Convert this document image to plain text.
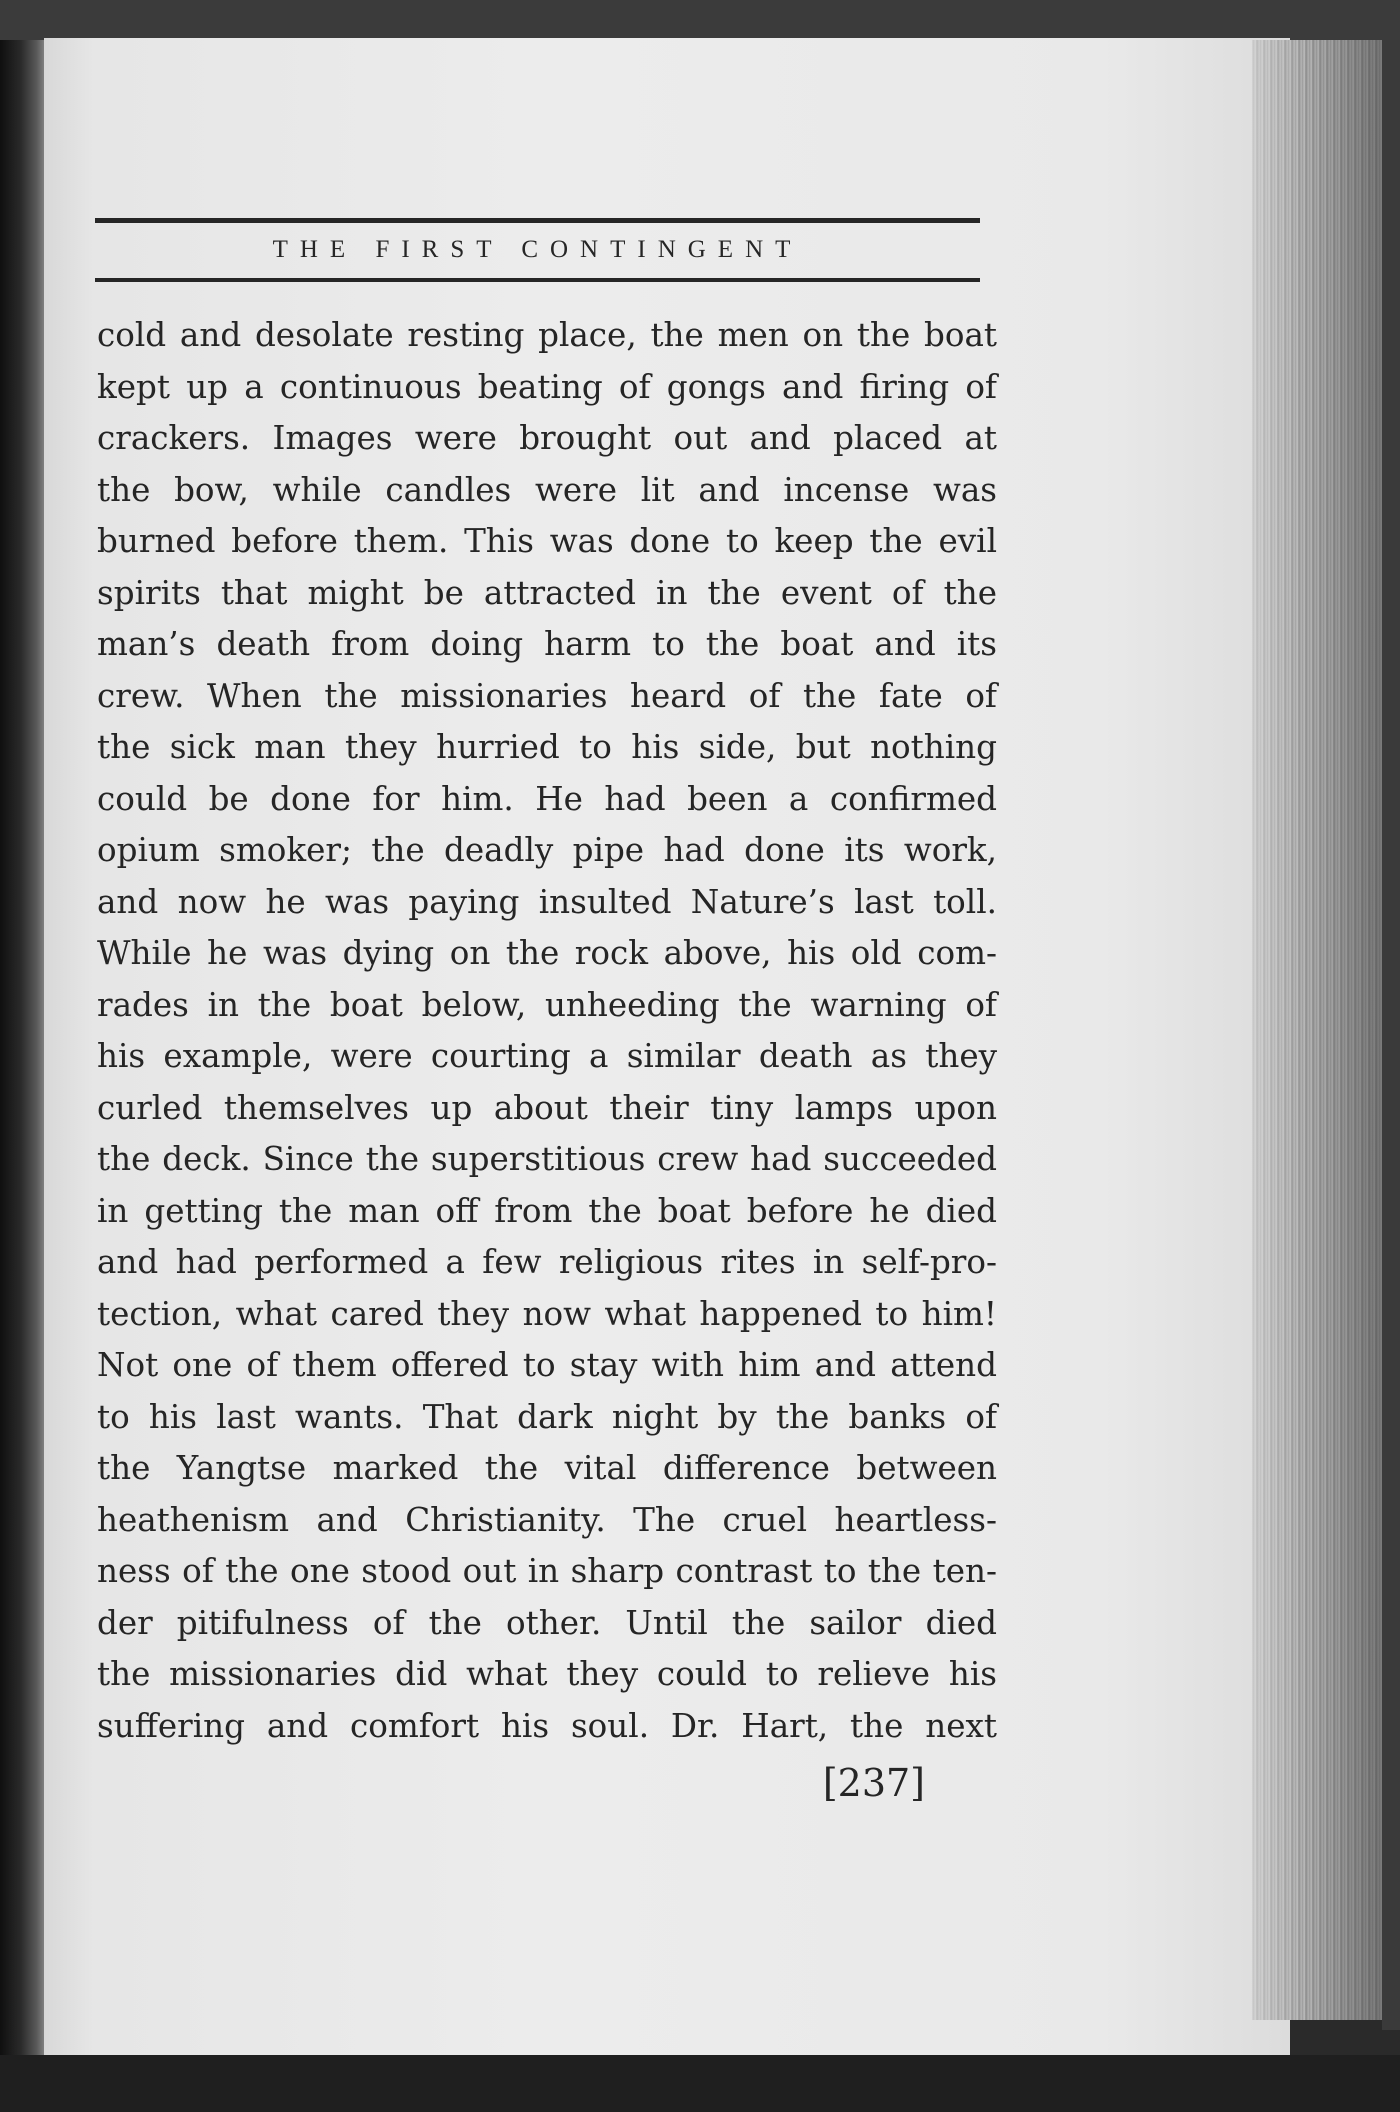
THE FIRST CONTINGENT
cold and desolate resting place, the men on the boat
kept up a continuous beating of gongs and firing of
crackers. Images were brought out and placed at
the bow, while candles were lit and incense was
burned before them. This was done to keep the evil
spirits that might be attracted in the event of the
man’s death from doing harm to the boat and its
crew. When the missionaries heard of the fate of
the sick man they hurried to his side, but nothing
could be done for him. He had been a confirmed
opium smoker; the deadly pipe had done its work,
and now he was paying insulted Nature’s last toll.
While he was dying on the rock above, his old com-
rades in the boat below, unheeding the warning of
his example, were courting a similar death as they
curled themselves up about their tiny lamps upon
the deck. Since the superstitious crew had succeeded
in getting the man off from the boat before he died
and had performed a few religious rites in self-pro-
tection, what cared they now what happened to him!
Not one of them offered to stay with him and attend
to his last wants. That dark night by the banks of
the Yangtse marked the vital difference between
heathenism and Christianity. The cruel heartless-
ness of the one stood out in sharp contrast to the ten-
der pitifulness of the other. Until the sailor died
the missionaries did what they could to relieve his
suffering and comfort his soul. Dr. Hart, the next
[237]
